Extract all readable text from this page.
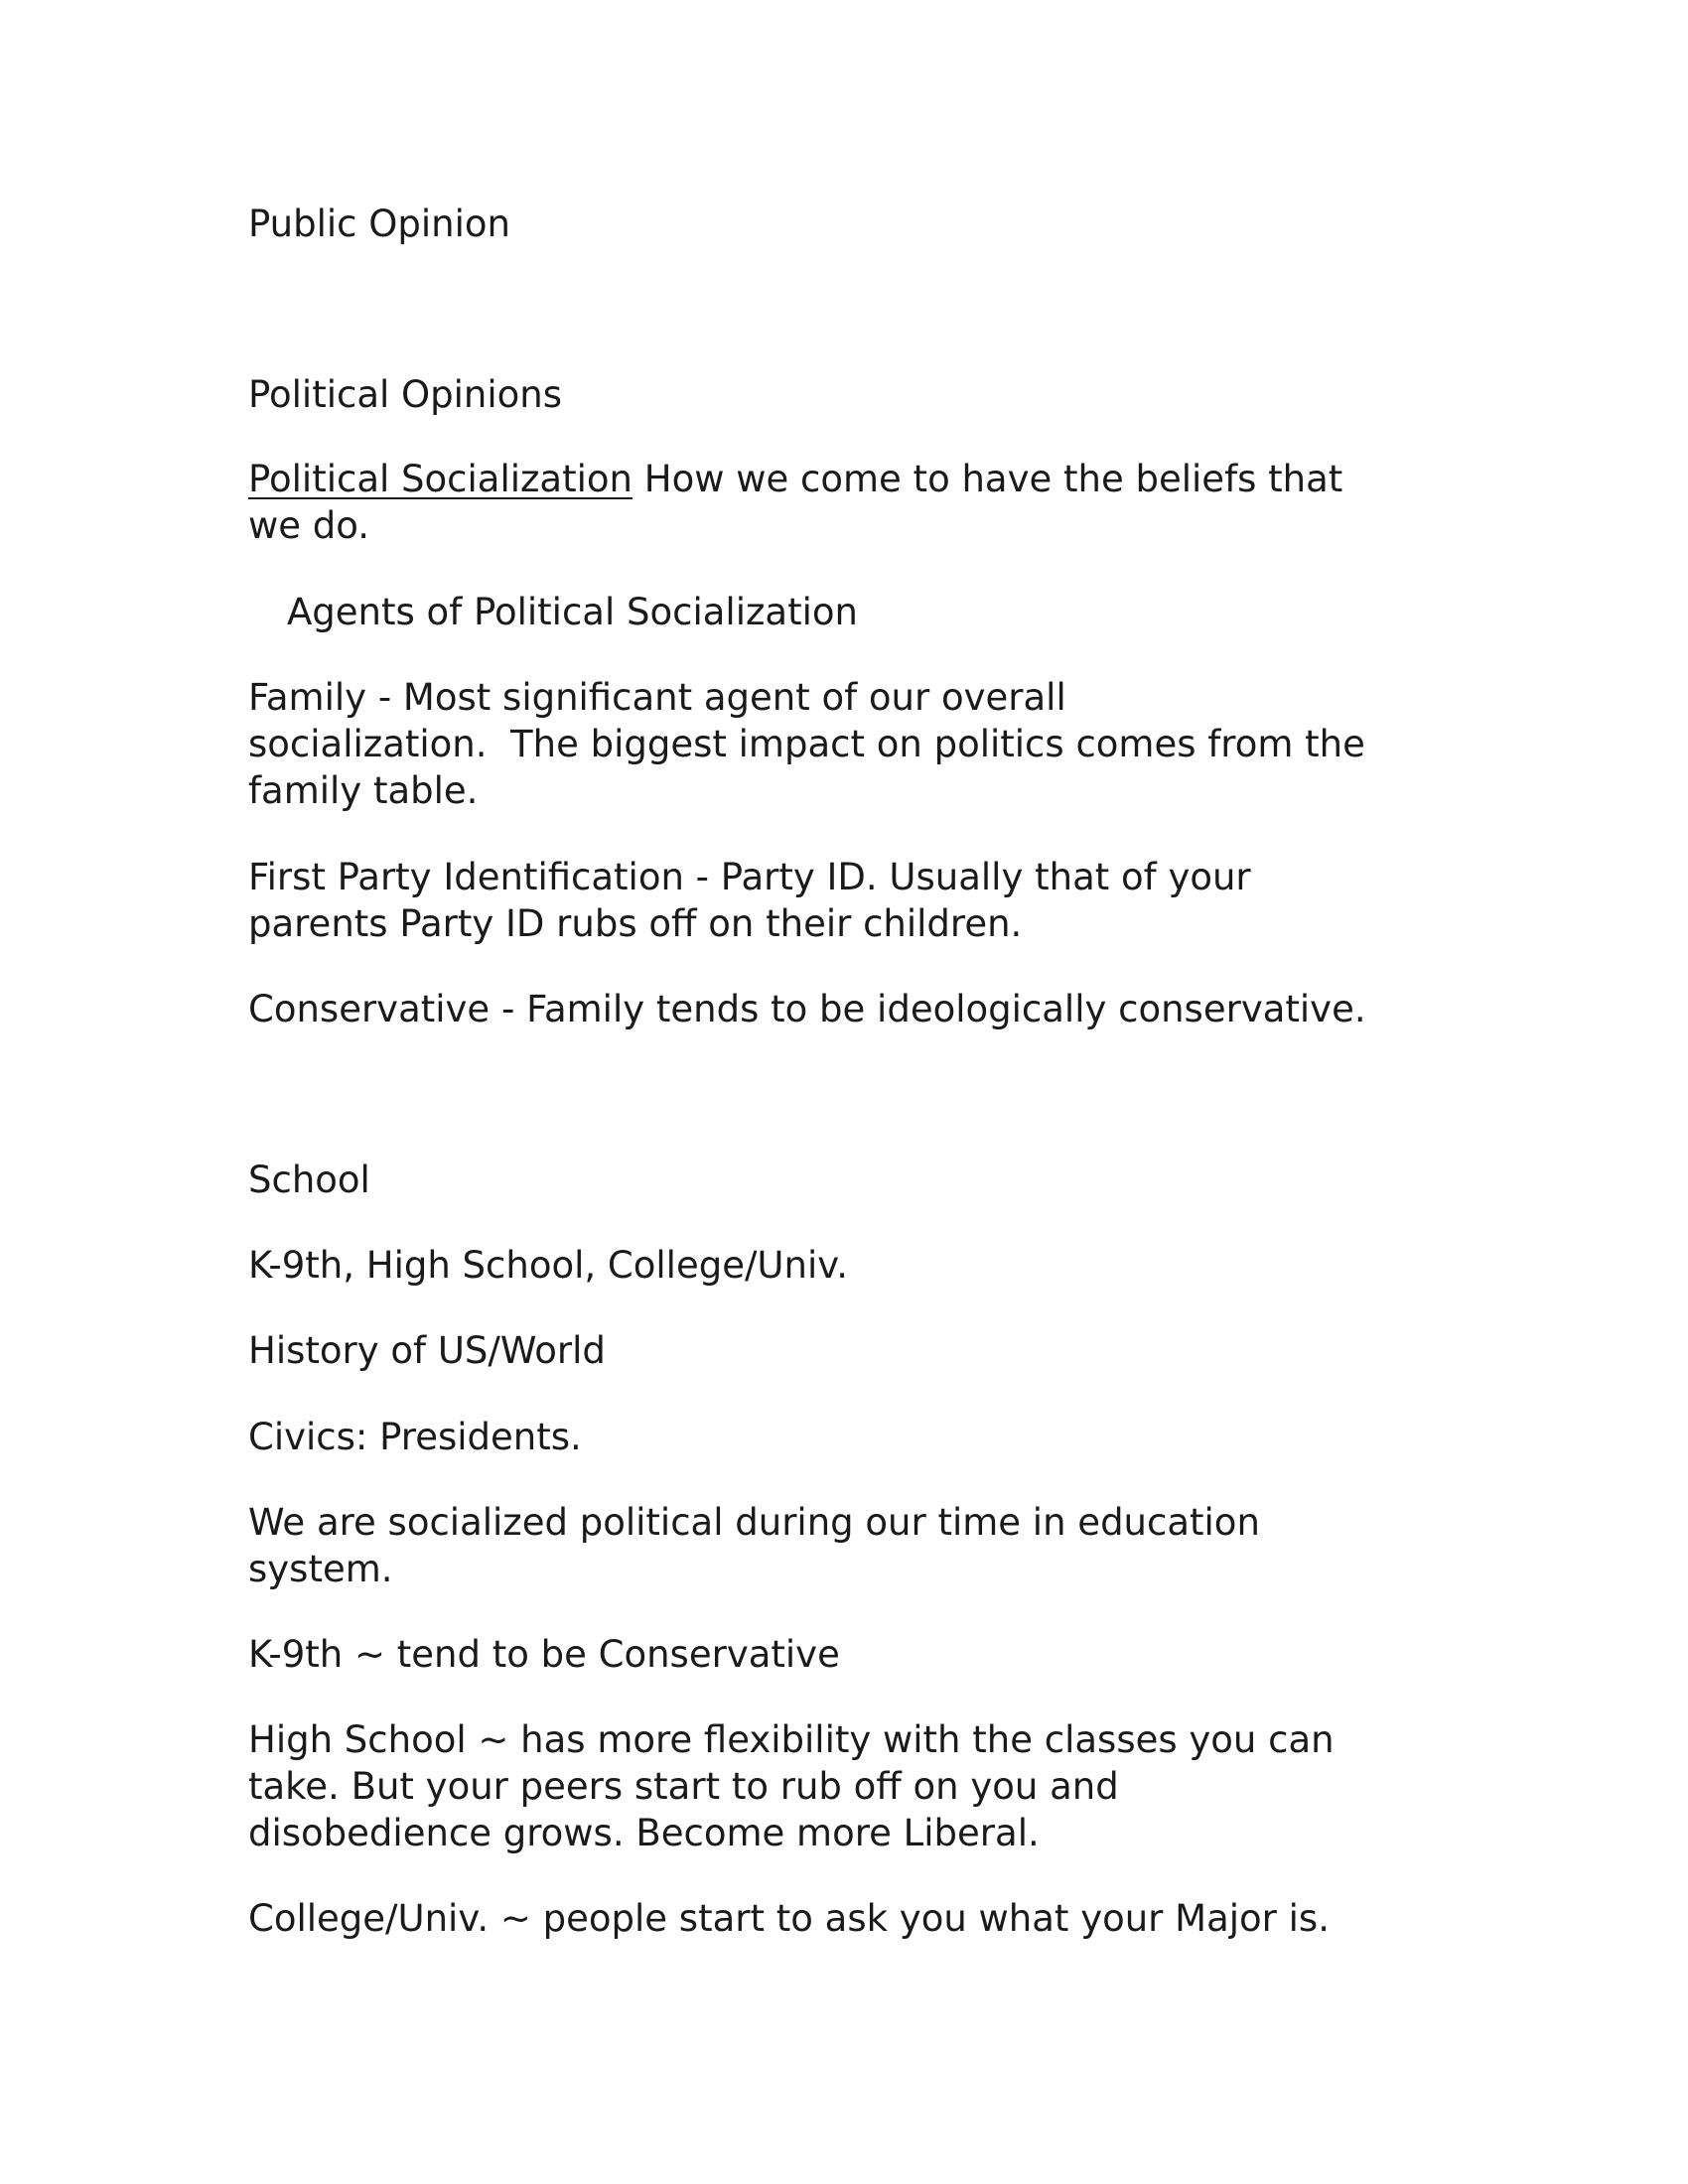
Public Opinion

Political Opinions

Political Socialization How we come to have the beliefs that

we do.

Agents of Political Socialization

Family - Most significant agent of our overall

socialization.  The biggest impact on politics comes from the

family table.

First Party Identification - Party ID. Usually that of your

parents Party ID rubs off on their children.

Conservative - Family tends to be ideologically conservative.

School

K-9th, High School, College/Univ.

History of US/World

Civics: Presidents.

We are socialized political during our time in education

system.

K-9th ~ tend to be Conservative

High School ~ has more flexibility with the classes you can

take. But your peers start to rub off on you and

disobedience grows. Become more Liberal.

College/Univ. ~ people start to ask you what your Major is.
